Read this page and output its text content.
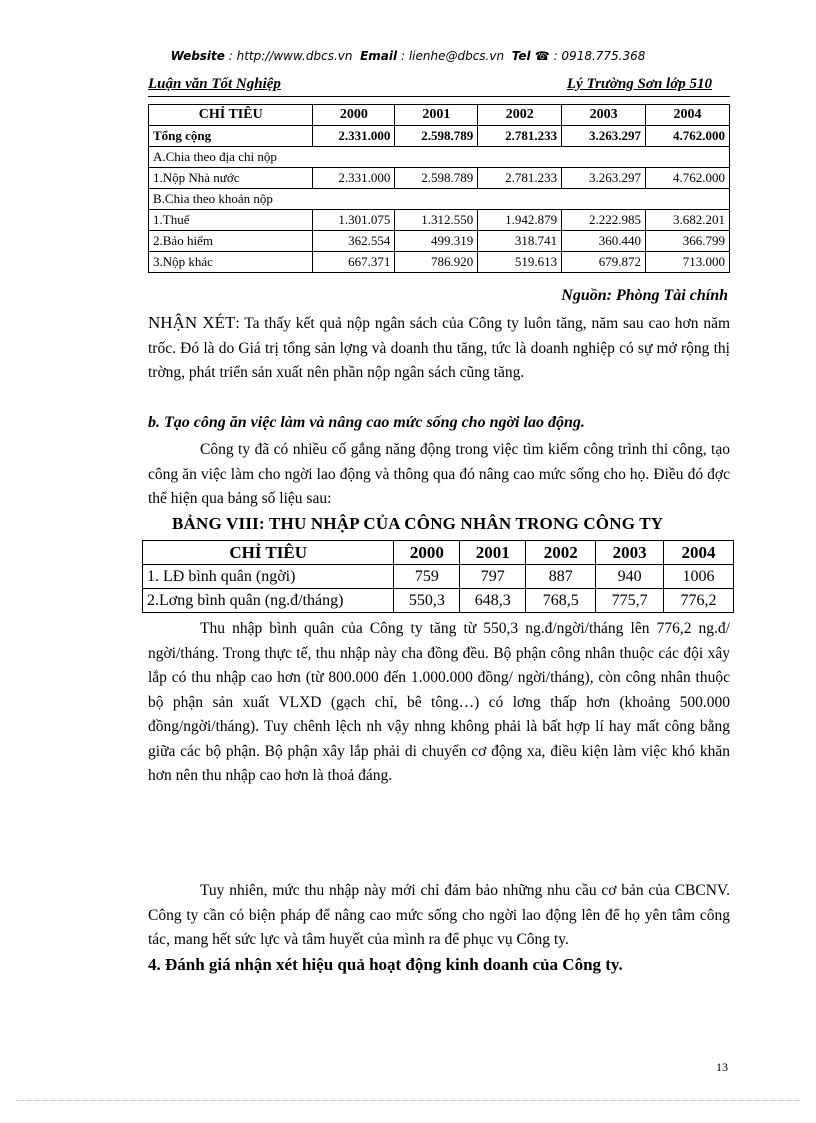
Website : http://www.dbcs.vn Email : lienhe@dbcs.vn Tel ☎ : 0918.775.368
Luận văn Tốt Nghiệp	Lý Trường Sơn lớp 510
CHỈ TIÊU	2000	2001	2002	2003	2004
Tổng cộng	2.331.000	2.598.789	2.781.233	3.263.297	4.762.000
A.Chia theo địa chỉ nộp					
1.Nộp Nhà nước	2.331.000	2.598.789	2.781.233	3.263.297	4.762.000
B.Chia theo khoản nộp					
1.Thuế	1.301.075	1.312.550	1.942.879	2.222.985	3.682.201
2.Bảo hiểm	362.554	499.319	318.741	360.440	366.799
3.Nộp khác	667.371	786.920	519.613	679.872	713.000
Nguồn: Phòng Tài chính
NHẬN XÉT: Ta thấy kết quả nộp ngân sách của Công ty luôn tăng, năm sau cao hơn năm trốc. Đó là do Giá trị tổng sản lợng và doanh thu tăng, tức là doanh nghiệp có sự mở rộng thị trờng, phát triển sản xuất nên phần nộp ngân sách cũng tăng.
b. Tạo công ăn việc làm và nâng cao mức sống cho ngời lao động.
Công ty đã có nhiều cố gắng năng động trong việc tìm kiếm công trình thi công, tạo công ăn việc làm cho ngời lao động và thông qua đó nâng cao mức sống cho họ. Điều đó đợc thể hiện qua bảng số liệu sau:
BẢNG VIII: THU NHẬP CỦA CÔNG NHÂN TRONG CÔNG TY
CHỈ TIÊU	2000	2001	2002	2003	2004
1. LĐ bình quân (ngời)	759	797	887	940	1006
2.Lơng bình quân (ng.đ/tháng)	550,3	648,3	768,5	775,7	776,2
Thu nhập bình quân của Công ty tăng từ 550,3 ng.đ/ngời/tháng lên 776,2 ng.đ/ ngời/tháng. Trong thực tế, thu nhập này cha đồng đều. Bộ phận công nhân thuộc các đội xây lắp có thu nhập cao hơn (từ 800.000 đến 1.000.000 đồng/ ngời/tháng), còn công nhân thuộc bộ phận sản xuất VLXD (gạch chỉ, bê tông…) có lơng thấp hơn (khoảng 500.000 đồng/ngời/tháng). Tuy chênh lệch nh vậy nhng không phải là bất hợp lí hay mất công bằng giữa các bộ phận. Bộ phận xây lắp phải di chuyển cơ động xa, điều kiện làm việc khó khăn hơn nên thu nhập cao hơn là thoả đáng.
Tuy nhiên, mức thu nhập này mới chỉ đảm bảo những nhu cầu cơ bản của CBCNV. Công ty cần có biện pháp để nâng cao mức sống cho ngời lao động lên để họ yên tâm công tác, mang hết sức lực và tâm huyết của mình ra để phục vụ Công ty.
4. Đánh giá nhận xét hiệu quả hoạt động kinh doanh của Công ty.
13
